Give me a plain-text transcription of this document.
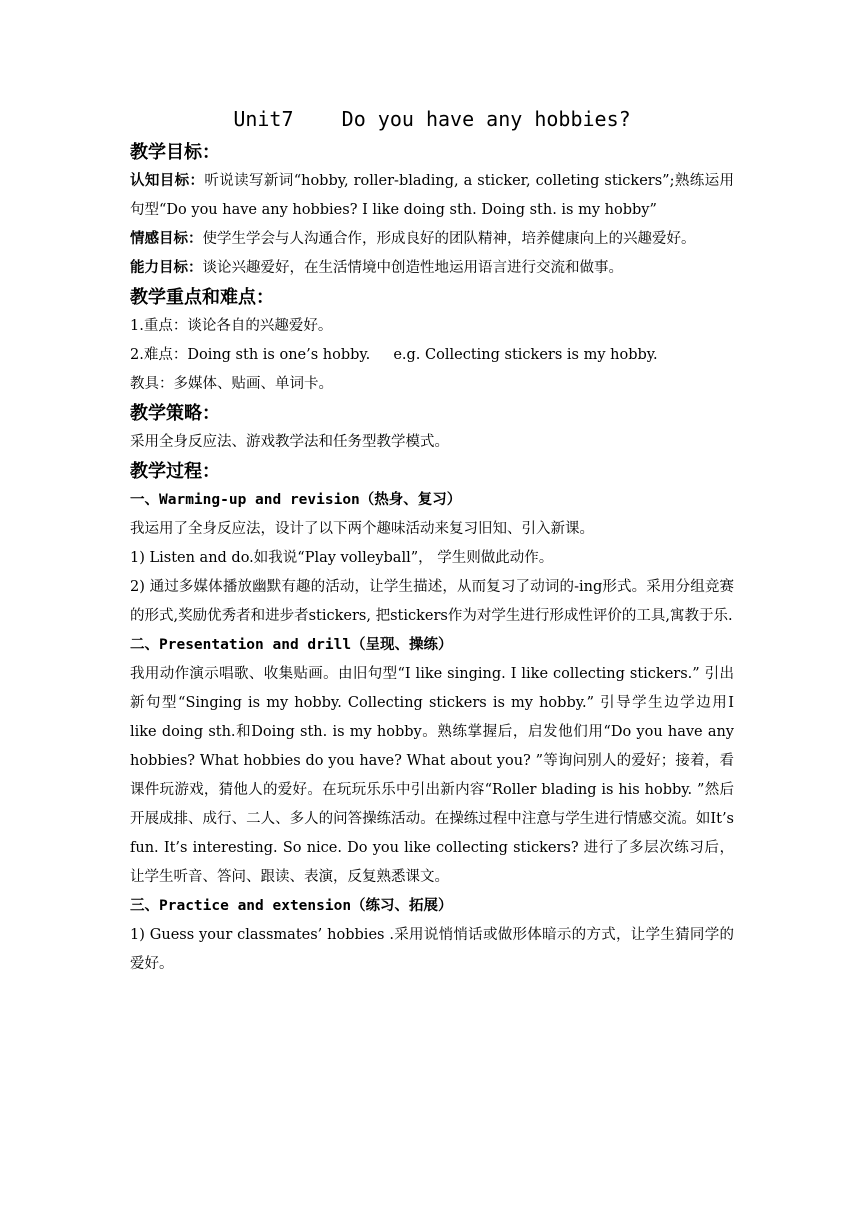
Unit7    Do you have any hobbies?
教学目标：
认知目标：听说读写新词“hobby, roller-blading, a sticker, colleting stickers”;熟练运用句型“Do you have any hobbies? I like doing sth. Doing sth. is my hobby”
情感目标：使学生学会与人沟通合作，形成良好的团队精神，培养健康向上的兴趣爱好。
能力目标：谈论兴趣爱好，在生活情境中创造性地运用语言进行交流和做事。
教学重点和难点：
1.重点：谈论各自的兴趣爱好。
2.难点：Doing sth is one’s hobby.     e.g. Collecting stickers is my hobby.
教具：多媒体、贴画、单词卡。
教学策略：
采用全身反应法、游戏教学法和任务型教学模式。
教学过程：
一、Warming-up and revision（热身、复习）
我运用了全身反应法，设计了以下两个趣味活动来复习旧知、引入新课。
1) Listen and do.如我说“Play volleyball”， 学生则做此动作。
2) 通过多媒体播放幽默有趣的活动，让学生描述，从而复习了动词的-ing形式。采用分组竞赛的形式,奖励优秀者和进步者stickers, 把stickers作为对学生进行形成性评价的工具,寓教于乐.
二、Presentation and drill（呈现、操练）
我用动作演示唱歌、收集贴画。由旧句型“I like singing. I like collecting stickers.” 引出新句型“Singing is my hobby. Collecting stickers is my hobby.” 引导学生边学边用I like doing sth.和Doing sth. is my hobby。熟练掌握后，启发他们用“Do you have any hobbies? What hobbies do you have? What about you? ”等询问别人的爱好；接着，看课件玩游戏，猜他人的爱好。在玩玩乐乐中引出新内容“Roller blading is his hobby. ”然后开展成排、成行、二人、多人的问答操练活动。在操练过程中注意与学生进行情感交流。如It’s fun. It’s interesting. So nice. Do you like collecting stickers? 进行了多层次练习后，让学生听音、答问、跟读、表演，反复熟悉课文。
三、Practice and extension（练习、拓展）
1) Guess your classmates’ hobbies .采用说悄悄话或做形体暗示的方式，让学生猜同学的爱好。
